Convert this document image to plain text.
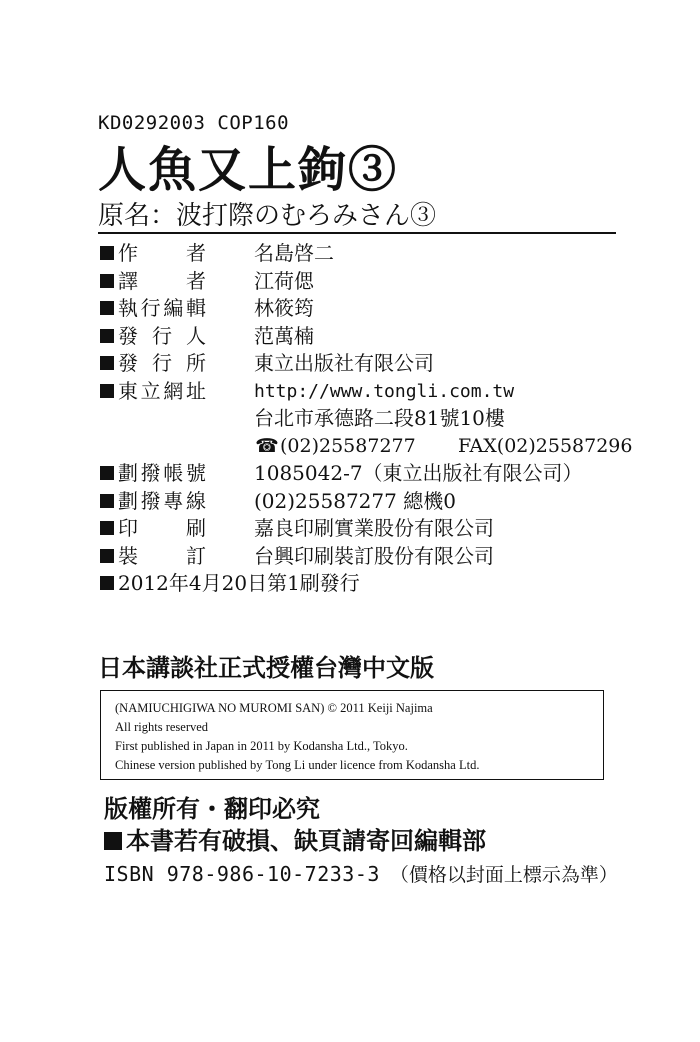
KD0292003 COP160
人魚又上鉤③
原名：波打際のむろみさん③
作　者 名島啓二
譯　者 江荷偲
執行編輯 林筱筠
發 行 人 范萬楠
發 行 所 東立出版社有限公司
東立網址	http://www.tongli.com.tw
台北市承德路二段81號10樓
☎(02)25587277 FAX(02)25587296
劃撥帳號 1085042-7（東立出版社有限公司）
劃撥專線 (02)25587277 總機0
印　刷 嘉良印刷實業股份有限公司
裝　訂 台興印刷裝訂股份有限公司
2012年4月20日第1刷發行
日本講談社正式授權台灣中文版
(NAMIUCHIGIWA NO MUROMI SAN) © 2011 Keiji Najima
All rights reserved
First published in Japan in 2011 by Kodansha Ltd., Tokyo.
Chinese version published by Tong Li under licence from Kodansha Ltd.
版權所有・翻印必究
本書若有破損、缺頁請寄回編輯部
ISBN 978-986-10-7233-3 （價格以封面上標示為準）
